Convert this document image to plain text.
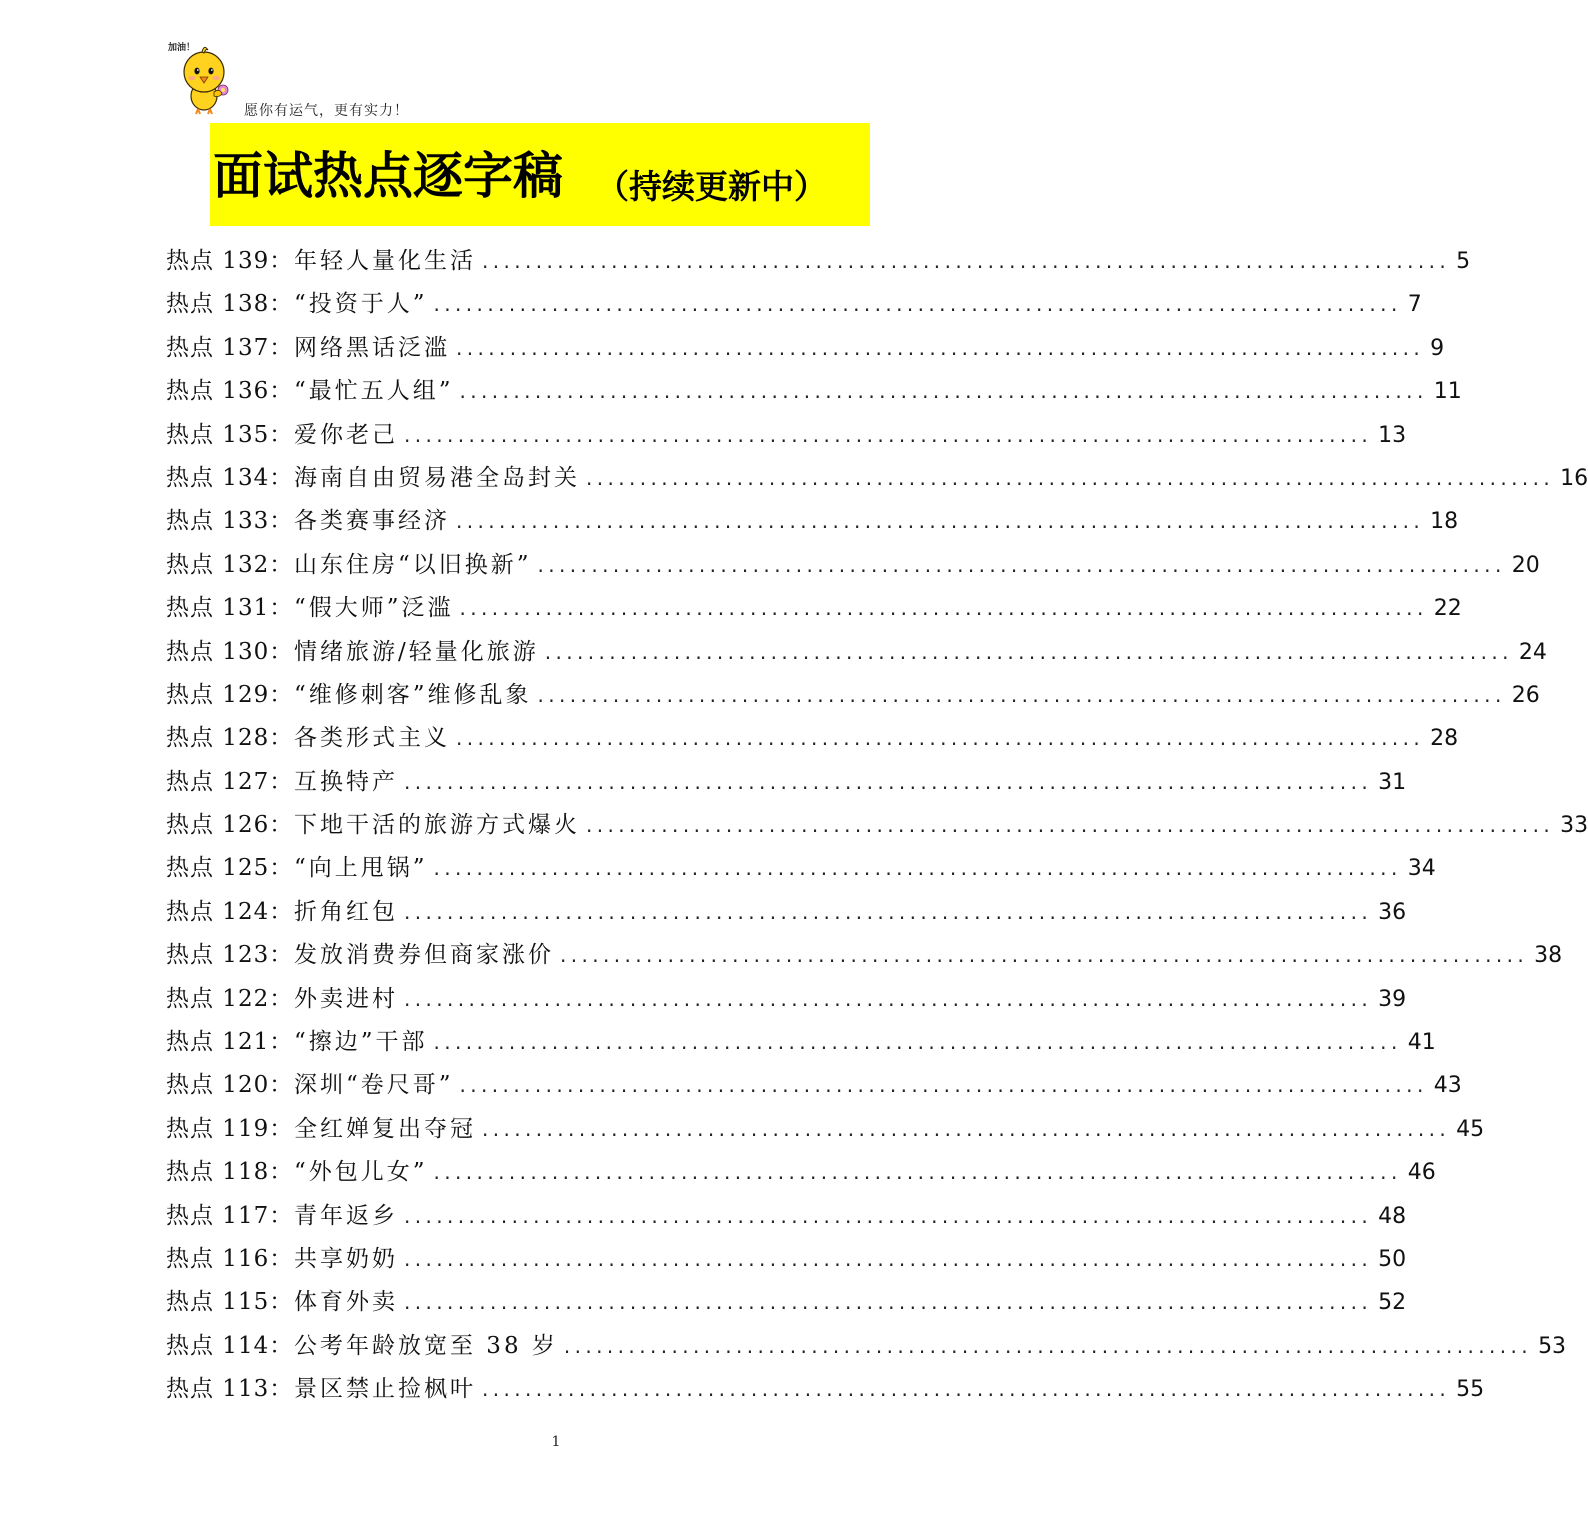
加油！
愿你有运气，更有实力！
面试热点逐字稿 （持续更新中）
热点 139： 年轻人量化生活 .......................................................................................... 5
热点 138： “投资于人” .......................................................................................... 7
热点 137： 网络黑话泛滥 .......................................................................................... 9
热点 136： “最忙五人组” .......................................................................................... 11
热点 135： 爱你老己 .......................................................................................... 13
热点 134： 海南自由贸易港全岛封关 .......................................................................................... 16
热点 133： 各类赛事经济 .......................................................................................... 18
热点 132： 山东住房“以旧换新” .......................................................................................... 20
热点 131： “假大师”泛滥 .......................................................................................... 22
热点 130： 情绪旅游/轻量化旅游 .......................................................................................... 24
热点 129： “维修刺客”维修乱象 .......................................................................................... 26
热点 128： 各类形式主义 .......................................................................................... 28
热点 127： 互换特产 .......................................................................................... 31
热点 126： 下地干活的旅游方式爆火 .......................................................................................... 33
热点 125： “向上甩锅” .......................................................................................... 34
热点 124： 折角红包 .......................................................................................... 36
热点 123： 发放消费券但商家涨价 .......................................................................................... 38
热点 122： 外卖进村 .......................................................................................... 39
热点 121： “擦边”干部 .......................................................................................... 41
热点 120： 深圳“卷尺哥” .......................................................................................... 43
热点 119： 全红婵复出夺冠 .......................................................................................... 45
热点 118： “外包儿女” .......................................................................................... 46
热点 117： 青年返乡 .......................................................................................... 48
热点 116： 共享奶奶 .......................................................................................... 50
热点 115： 体育外卖 .......................................................................................... 52
热点 114： 公考年龄放宽至 38 岁 .......................................................................................... 53
热点 113： 景区禁止捡枫叶 .......................................................................................... 55
1
